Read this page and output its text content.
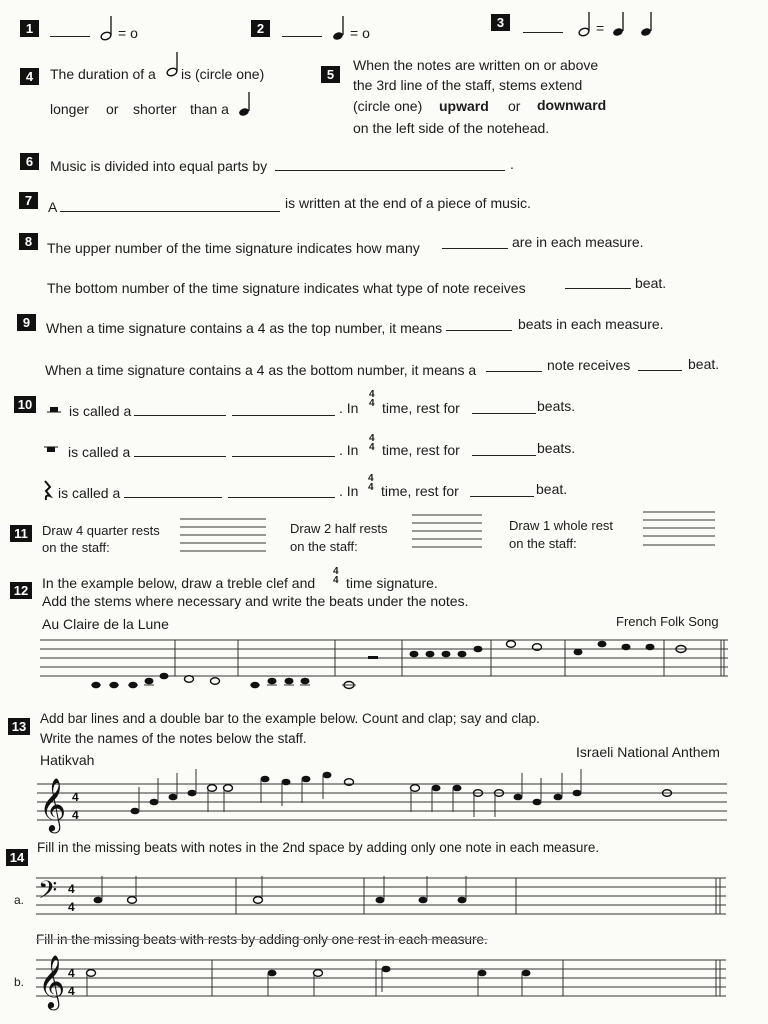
1	= o	2	= o
3	=
4	The duration of a is (circle one)
longer or shorter than a
5
When the notes are written on or above
the 3rd line of the staff, stems extend
(circle one) upward or downward
on the left side of the notehead.
6	Music is divided into equal parts by	.
7	A	is written at the end of a piece of music.
8	The upper number of the time signature indicates how many	are in each measure.
The bottom number of the time signature indicates what type of note receives	beat.
9	When a time signature contains a 4 as the top number, it means	beats in each measure.
When a time signature contains a 4 as the bottom number, it means a	note receives	beat.
10	is called a	. In
4
4 time, rest for	beats.
is called a	. In
4
4 time, rest for	beats.
is called a	. In
4
4 time, rest for	beat.
11	Draw 4 quarter rests
on the staff:
Draw 2 half rests
on the staff:
Draw 1 whole rest
on the staff:
12 In the example below, draw a treble clef and
4
4 time signature.
Add the stems where necessary and write the beats under the notes.
Au Claire de la Lune	French Folk Song
13
Add bar lines and a double bar to the example below. Count and clap; say and clap.
Write the names of the notes below the staff.
Hatikvah	Israeli National Anthem
𝄞 4
4
14
Fill in the missing beats with notes in the 2nd space by adding only one note in each measure.
a. 𝄢 4
4
Fill in the missing beats with rests by adding only one rest in each measure.
b. 𝄞 4
4
